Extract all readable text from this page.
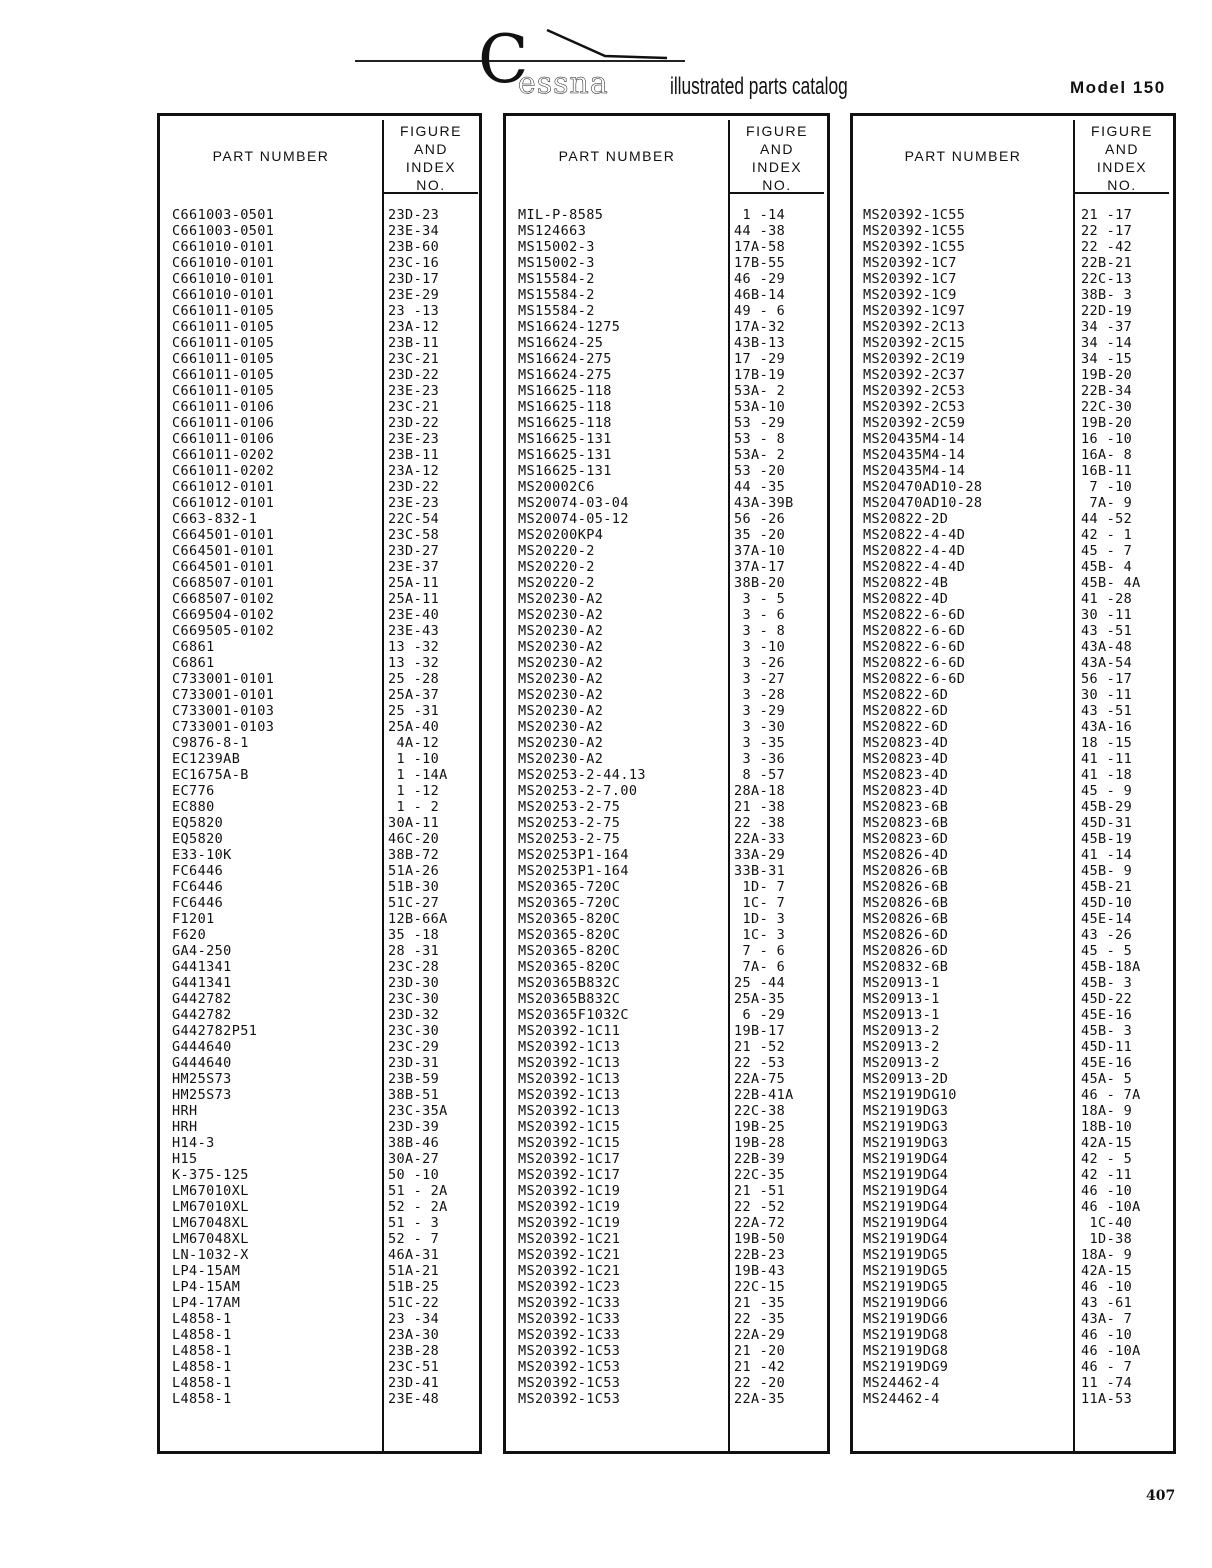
C
essna	illustrated parts catalog	Model 150
PART NUMBER
FIGURE
AND
INDEX
NO.
C661003-0501	23D-23
C661003-0501	23E-34
C661010-0101	23B-60
C661010-0101	23C-16
C661010-0101	23D-17
C661010-0101	23E-29
C661011-0105	23 -13
C661011-0105	23A-12
C661011-0105	23B-11
C661011-0105	23C-21
C661011-0105	23D-22
C661011-0105	23E-23
C661011-0106	23C-21
C661011-0106	23D-22
C661011-0106	23E-23
C661011-0202	23B-11
C661011-0202	23A-12
C661012-0101	23D-22
C661012-0101	23E-23
C663-832-1	22C-54
C664501-0101	23C-58
C664501-0101	23D-27
C664501-0101	23E-37
C668507-0101	25A-11
C668507-0102	25A-11
C669504-0102	23E-40
C669505-0102	23E-43
C6861	13 -32
C6861	13 -32
C733001-0101	25 -28
C733001-0101	25A-37
C733001-0103	25 -31
C733001-0103	25A-40
C9876-8-1	4A-12
EC1239AB	1 -10
EC1675A-B	1 -14A
EC776	1 -12
EC880	1 - 2
EQ5820	30A-11
EQ5820	46C-20
E33-10K	38B-72
FC6446	51A-26
FC6446	51B-30
FC6446	51C-27
F1201	12B-66A
F620	35 -18
GA4-250	28 -31
G441341	23C-28
G441341	23D-30
G442782	23C-30
G442782	23D-32
G442782P51	23C-30
G444640	23C-29
G444640	23D-31
HM25S73	23B-59
HM25S73	38B-51
HRH	23C-35A
HRH	23D-39
H14-3	38B-46
H15	30A-27
K-375-125	50 -10
LM67010XL	51 - 2A
LM67010XL	52 - 2A
LM67048XL	51 - 3
LM67048XL	52 - 7
LN-1032-X	46A-31
LP4-15AM	51A-21
LP4-15AM	51B-25
LP4-17AM	51C-22
L4858-1	23 -34
L4858-1	23A-30
L4858-1	23B-28
L4858-1	23C-51
L4858-1	23D-41
L4858-1	23E-48
PART NUMBER
FIGURE
AND
INDEX
NO.
MIL-P-8585	1 -14
MS124663	44 -38
MS15002-3	17A-58
MS15002-3	17B-55
MS15584-2	46 -29
MS15584-2	46B-14
MS15584-2	49 - 6
MS16624-1275	17A-32
MS16624-25	43B-13
MS16624-275	17 -29
MS16624-275	17B-19
MS16625-118	53A- 2
MS16625-118	53A-10
MS16625-118	53 -29
MS16625-131	53 - 8
MS16625-131	53A- 2
MS16625-131	53 -20
MS20002C6	44 -35
MS20074-03-04	43A-39B
MS20074-05-12	56 -26
MS20200KP4	35 -20
MS20220-2	37A-10
MS20220-2	37A-17
MS20220-2	38B-20
MS20230-A2	3 - 5
MS20230-A2	3 - 6
MS20230-A2	3 - 8
MS20230-A2	3 -10
MS20230-A2	3 -26
MS20230-A2	3 -27
MS20230-A2	3 -28
MS20230-A2	3 -29
MS20230-A2	3 -30
MS20230-A2	3 -35
MS20230-A2	3 -36
MS20253-2-44.13	8 -57
MS20253-2-7.00	28A-18
MS20253-2-75	21 -38
MS20253-2-75	22 -38
MS20253-2-75	22A-33
MS20253P1-164	33A-29
MS20253P1-164	33B-31
MS20365-720C	1D- 7
MS20365-720C	1C- 7
MS20365-820C	1D- 3
MS20365-820C	1C- 3
MS20365-820C	7 - 6
MS20365-820C	7A- 6
MS20365B832C	25 -44
MS20365B832C	25A-35
MS20365F1032C	6 -29
MS20392-1C11	19B-17
MS20392-1C13	21 -52
MS20392-1C13	22 -53
MS20392-1C13	22A-75
MS20392-1C13	22B-41A
MS20392-1C13	22C-38
MS20392-1C15	19B-25
MS20392-1C15	19B-28
MS20392-1C17	22B-39
MS20392-1C17	22C-35
MS20392-1C19	21 -51
MS20392-1C19	22 -52
MS20392-1C19	22A-72
MS20392-1C21	19B-50
MS20392-1C21	22B-23
MS20392-1C21	19B-43
MS20392-1C23	22C-15
MS20392-1C33	21 -35
MS20392-1C33	22 -35
MS20392-1C33	22A-29
MS20392-1C53	21 -20
MS20392-1C53	21 -42
MS20392-1C53	22 -20
MS20392-1C53	22A-35
PART NUMBER
FIGURE
AND
INDEX
NO.
MS20392-1C55	21 -17
MS20392-1C55	22 -17
MS20392-1C55	22 -42
MS20392-1C7	22B-21
MS20392-1C7	22C-13
MS20392-1C9	38B- 3
MS20392-1C97	22D-19
MS20392-2C13	34 -37
MS20392-2C15	34 -14
MS20392-2C19	34 -15
MS20392-2C37	19B-20
MS20392-2C53	22B-34
MS20392-2C53	22C-30
MS20392-2C59	19B-20
MS20435M4-14	16 -10
MS20435M4-14	16A- 8
MS20435M4-14	16B-11
MS20470AD10-28	7 -10
MS20470AD10-28	7A- 9
MS20822-2D	44 -52
MS20822-4-4D	42 - 1
MS20822-4-4D	45 - 7
MS20822-4-4D	45B- 4
MS20822-4B	45B- 4A
MS20822-4D	41 -28
MS20822-6-6D	30 -11
MS20822-6-6D	43 -51
MS20822-6-6D	43A-48
MS20822-6-6D	43A-54
MS20822-6-6D	56 -17
MS20822-6D	30 -11
MS20822-6D	43 -51
MS20822-6D	43A-16
MS20823-4D	18 -15
MS20823-4D	41 -11
MS20823-4D	41 -18
MS20823-4D	45 - 9
MS20823-6B	45B-29
MS20823-6B	45D-31
MS20823-6D	45B-19
MS20826-4D	41 -14
MS20826-6B	45B- 9
MS20826-6B	45B-21
MS20826-6B	45D-10
MS20826-6B	45E-14
MS20826-6D	43 -26
MS20826-6D	45 - 5
MS20832-6B	45B-18A
MS20913-1	45B- 3
MS20913-1	45D-22
MS20913-1	45E-16
MS20913-2	45B- 3
MS20913-2	45D-11
MS20913-2	45E-16
MS20913-2D	45A- 5
MS21919DG10	46 - 7A
MS21919DG3	18A- 9
MS21919DG3	18B-10
MS21919DG3	42A-15
MS21919DG4	42 - 5
MS21919DG4	42 -11
MS21919DG4	46 -10
MS21919DG4	46 -10A
MS21919DG4	1C-40
MS21919DG4	1D-38
MS21919DG5	18A- 9
MS21919DG5	42A-15
MS21919DG5	46 -10
MS21919DG6	43 -61
MS21919DG6	43A- 7
MS21919DG8	46 -10
MS21919DG8	46 -10A
MS21919DG9	46 - 7
MS24462-4	11 -74
MS24462-4	11A-53
407
